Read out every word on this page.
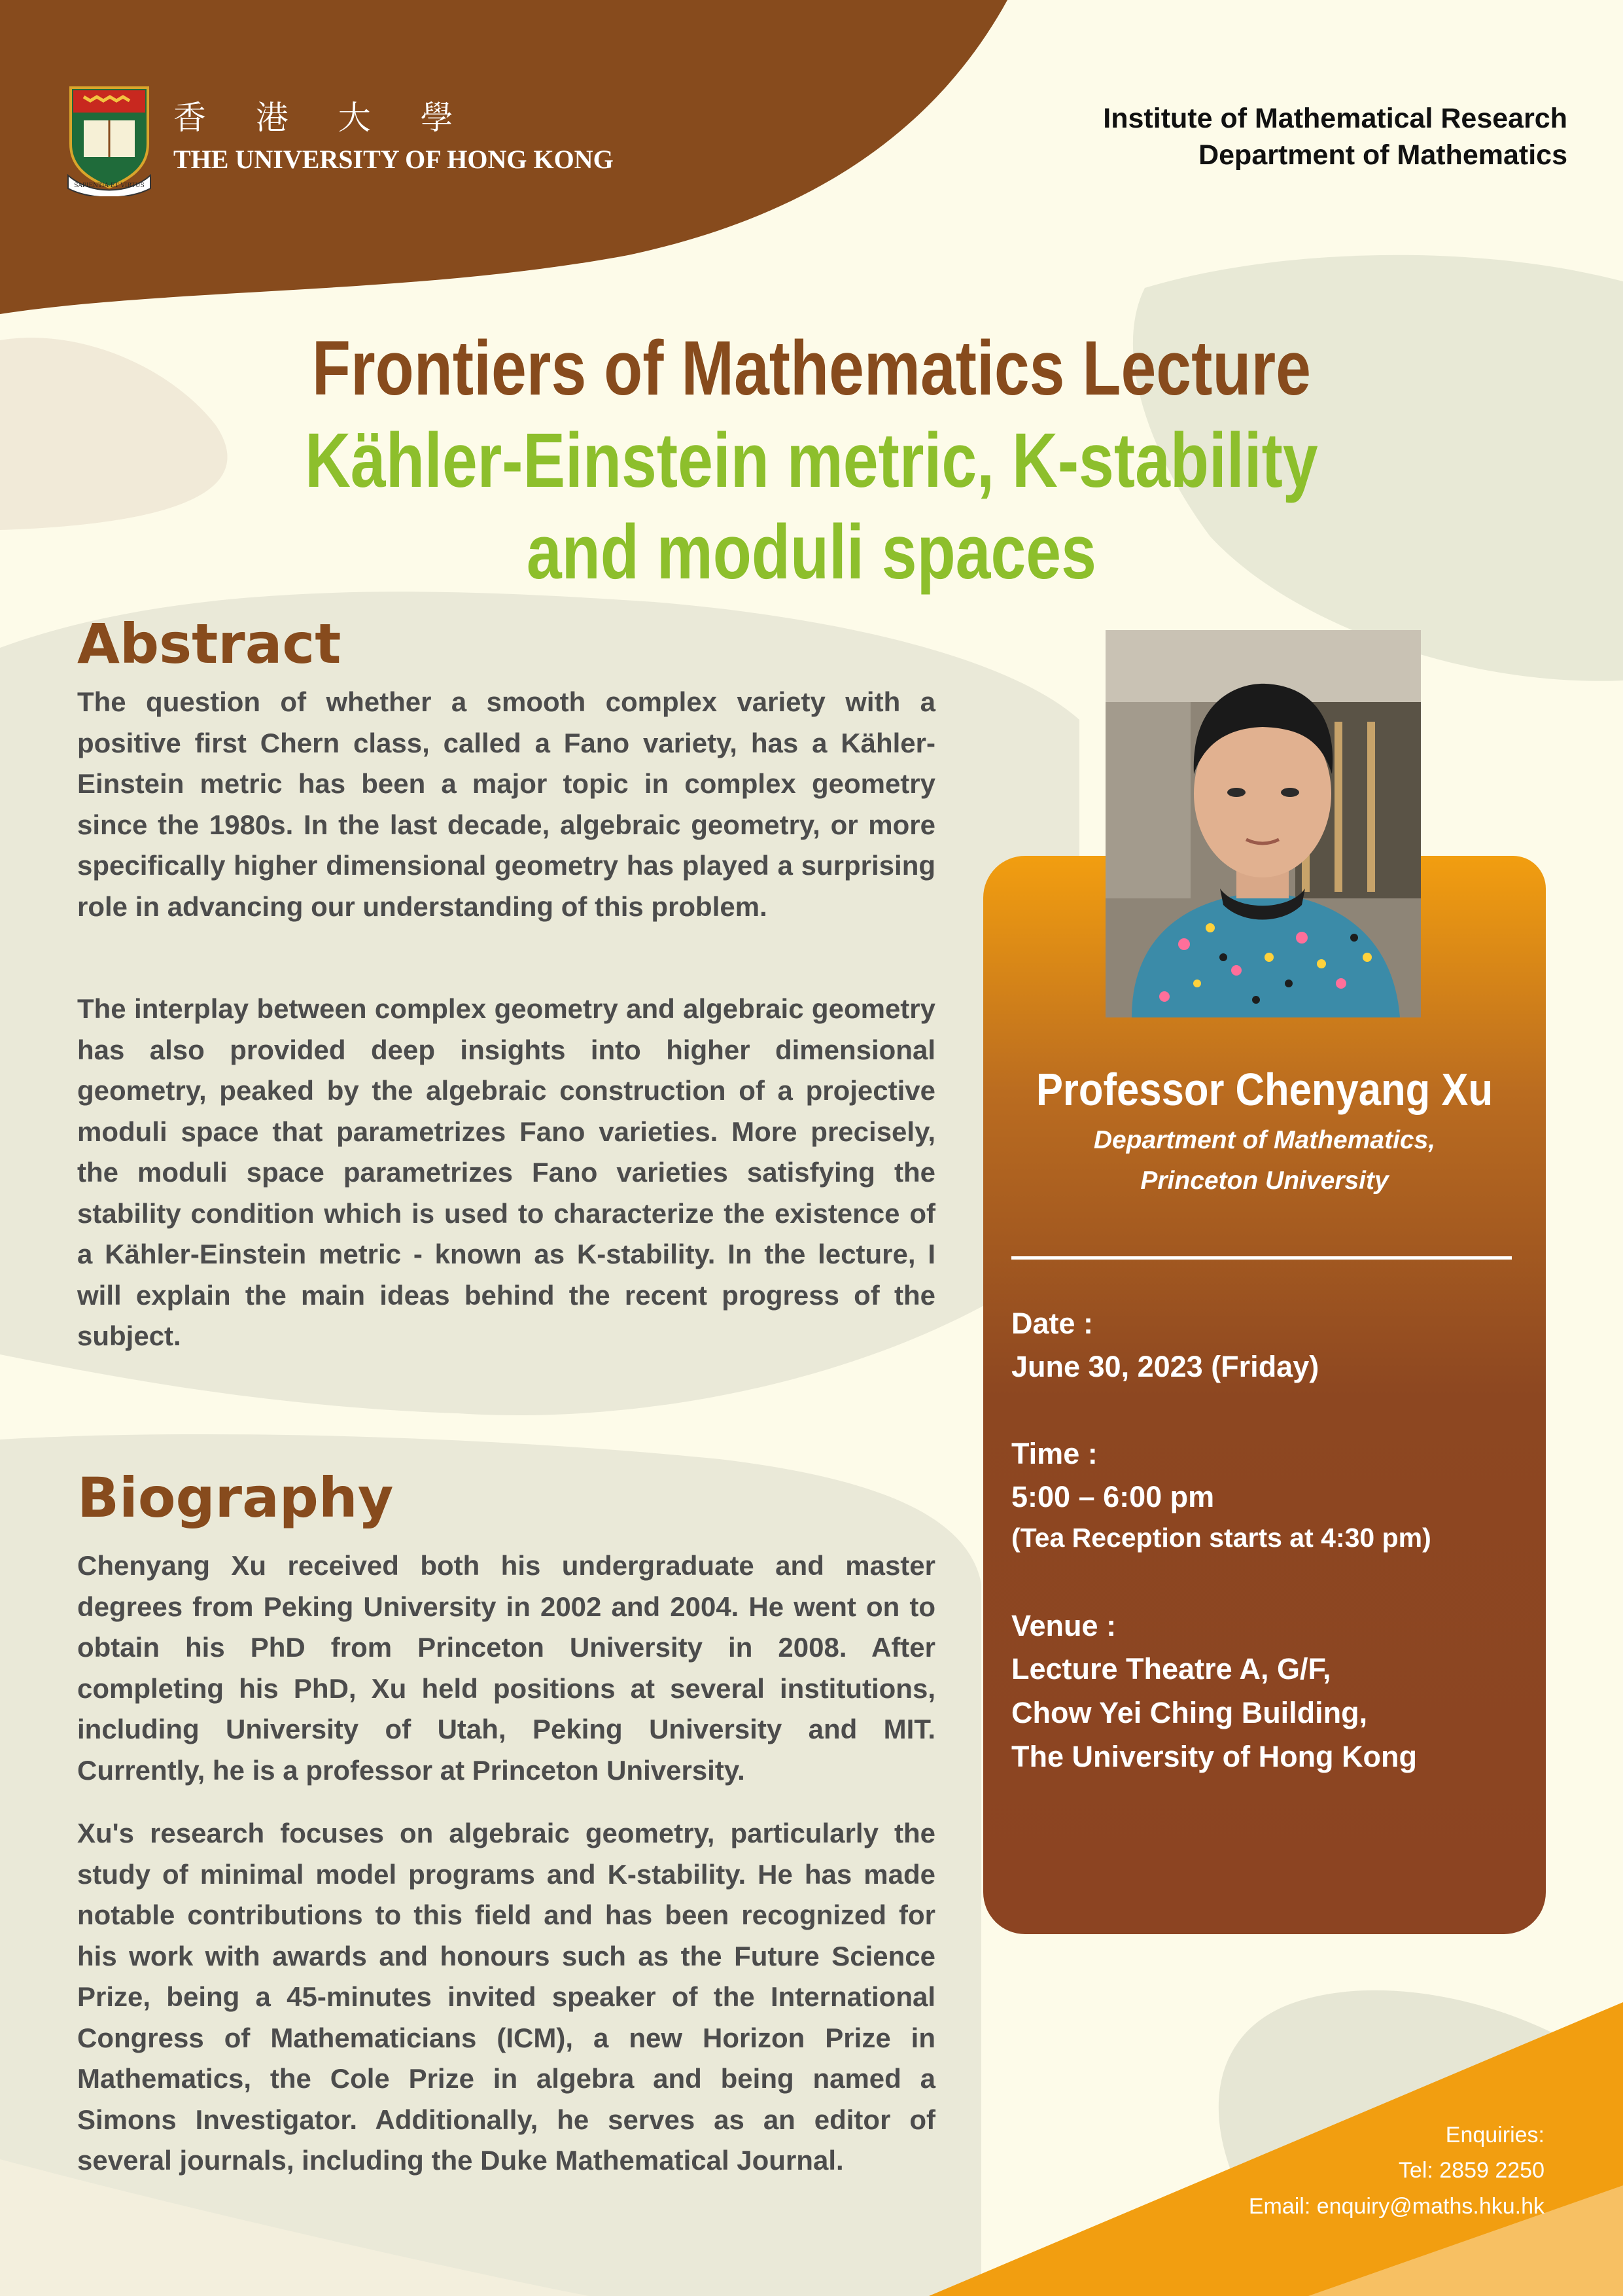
SAPIENTIA ET VIRTUS
香 港 大 學
THE UNIVERSITY OF HONG KONG
Institute of Mathematical Research
Department of Mathematics
Frontiers of Mathematics Lecture
Kähler-Einstein metric, K-stability
and moduli spaces
Abstract

The question of whether a smooth complex variety with a positive first Chern class, called a Fano variety, has a Kähler-Einstein metric has been a major topic in complex geometry since the 1980s. In the last decade, algebraic geometry, or more specifically higher dimensional geometry has played a surprising role in advancing our understanding of this problem.

The interplay between complex geometry and algebraic geometry has also provided deep insights into higher dimensional geometry, peaked by the algebraic construction of a projective moduli space that parametrizes Fano varieties. More precisely, the moduli space parametrizes Fano varieties satisfying the stability condition which is used to characterize the existence of a Kähler-Einstein metric - known as K-stability. In the lecture, I will explain the main ideas behind the recent progress of the subject.

Biography

Chenyang Xu received both his undergraduate and master degrees from Peking University in 2002 and 2004. He went on to obtain his PhD from Princeton University in 2008. After completing his PhD, Xu held positions at several institutions, including University of Utah, Peking University and MIT. Currently, he is a professor at Princeton University.

Xu's research focuses on algebraic geometry, particularly the study of minimal model programs and K-stability. He has made notable contributions to this field and has been recognized for his work with awards and honours such as the Future Science Prize, being a 45-minutes invited speaker of the International Congress of Mathematicians (ICM), a new Horizon Prize in Mathematics, the Cole Prize in algebra and being named a Simons Investigator. Additionally, he serves as an editor of several journals, including the Duke Mathematical Journal.

Professor Chenyang Xu
Department of Mathematics,
Princeton University
Date :
June 30, 2023 (Friday)
Time :
5:00 – 6:00 pm
(Tea Reception starts at 4:30 pm)
Venue :
Lecture Theatre A, G/F,
Chow Yei Ching Building,
The University of Hong Kong
Enquiries:
Tel: 2859 2250
Email: enquiry@maths.hku.hk
